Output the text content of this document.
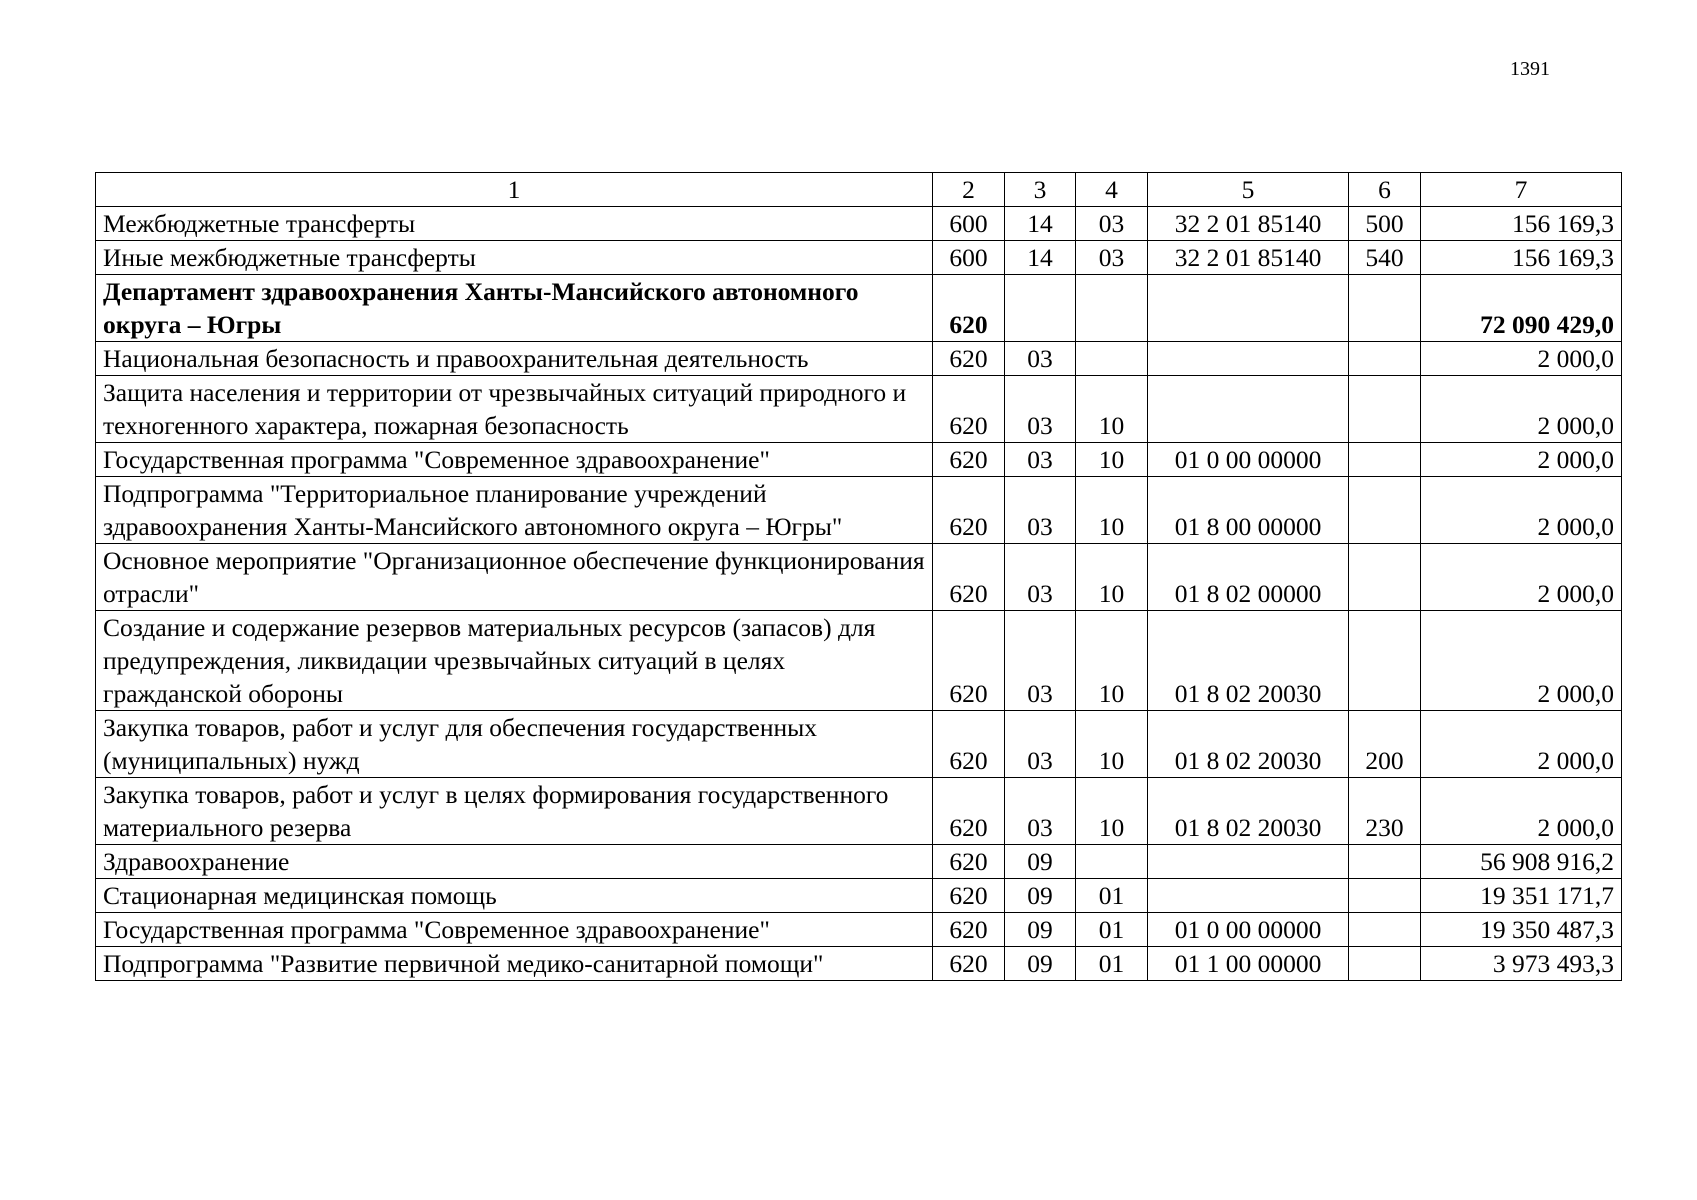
1391
1	2	3	4	5	6	7
Межбюджетные трансферты	600	14	03	32 2 01 85140	500	156 169,3
Иные межбюджетные трансферты	600	14	03	32 2 01 85140	540	156 169,3
Департамент здравоохранения Ханты-Мансийского автономного округа – Югры	620					72 090 429,0
Национальная безопасность и правоохранительная деятельность	620	03				2 000,0
Защита населения и территории от чрезвычайных ситуаций природного и техногенного характера, пожарная безопасность	620	03	10			2 000,0
Государственная программа "Современное здравоохранение"	620	03	10	01 0 00 00000		2 000,0
Подпрограмма "Территориальное планирование учреждений здравоохранения Ханты-Мансийского автономного округа – Югры"	620	03	10	01 8 00 00000		2 000,0
Основное мероприятие "Организационное обеспечение функционирования отрасли"	620	03	10	01 8 02 00000		2 000,0
Создание и содержание резервов материальных ресурсов (запасов) для предупреждения, ликвидации чрезвычайных ситуаций в целях гражданской обороны	620	03	10	01 8 02 20030		2 000,0
Закупка товаров, работ и услуг для обеспечения государственных (муниципальных) нужд	620	03	10	01 8 02 20030	200	2 000,0
Закупка товаров, работ и услуг в целях формирования государственного материального резерва	620	03	10	01 8 02 20030	230	2 000,0
Здравоохранение	620	09				56 908 916,2
Стационарная медицинская помощь	620	09	01			19 351 171,7
Государственная программа "Современное здравоохранение"	620	09	01	01 0 00 00000		19 350 487,3
Подпрограмма "Развитие первичной медико-санитарной помощи"	620	09	01	01 1 00 00000		3 973 493,3
